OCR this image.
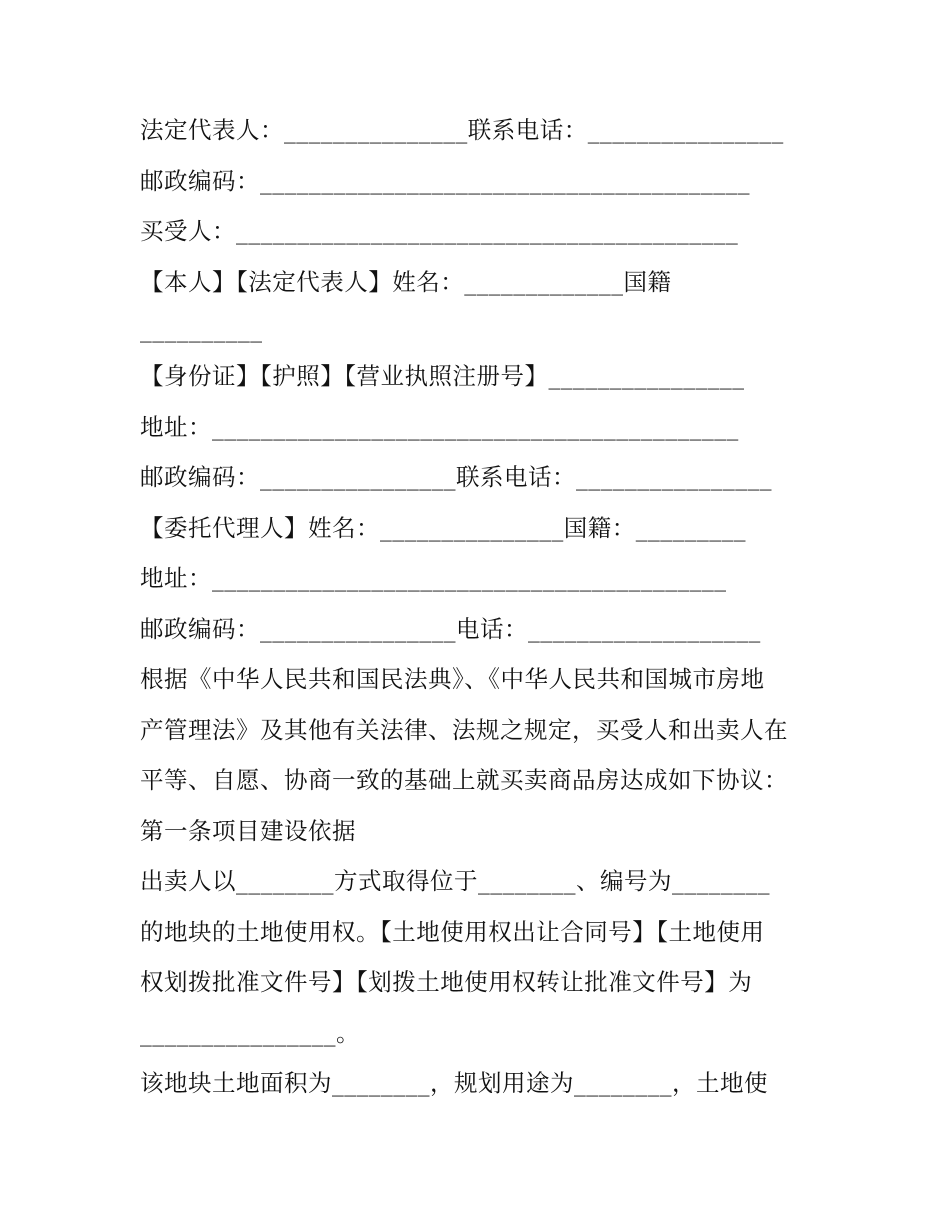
法定代表人：_______________联系电话：________________
邮政编码：________________________________________
买受人：_________________________________________
【本人】【法定代表人】姓名：_____________国籍
__________
【身份证】【护照】【营业执照注册号】________________
地址：___________________________________________
邮政编码：________________联系电话：________________
【委托代理人】姓名：_______________国籍：_________
地址：__________________________________________
邮政编码：________________电话：___________________
根据《中华人民共和国民法典》、《中华人民共和国城市房地
产管理法》及其他有关法律、法规之规定，买受人和出卖人在
平等、自愿、协商一致的基础上就买卖商品房达成如下协议：
第一条项目建设依据
出卖人以________方式取得位于________、编号为________
的地块的土地使用权。【土地使用权出让合同号】【土地使用
权划拨批准文件号】【划拨土地使用权转让批准文件号】为
________________。
该地块土地面积为________，规划用途为________，土地使
